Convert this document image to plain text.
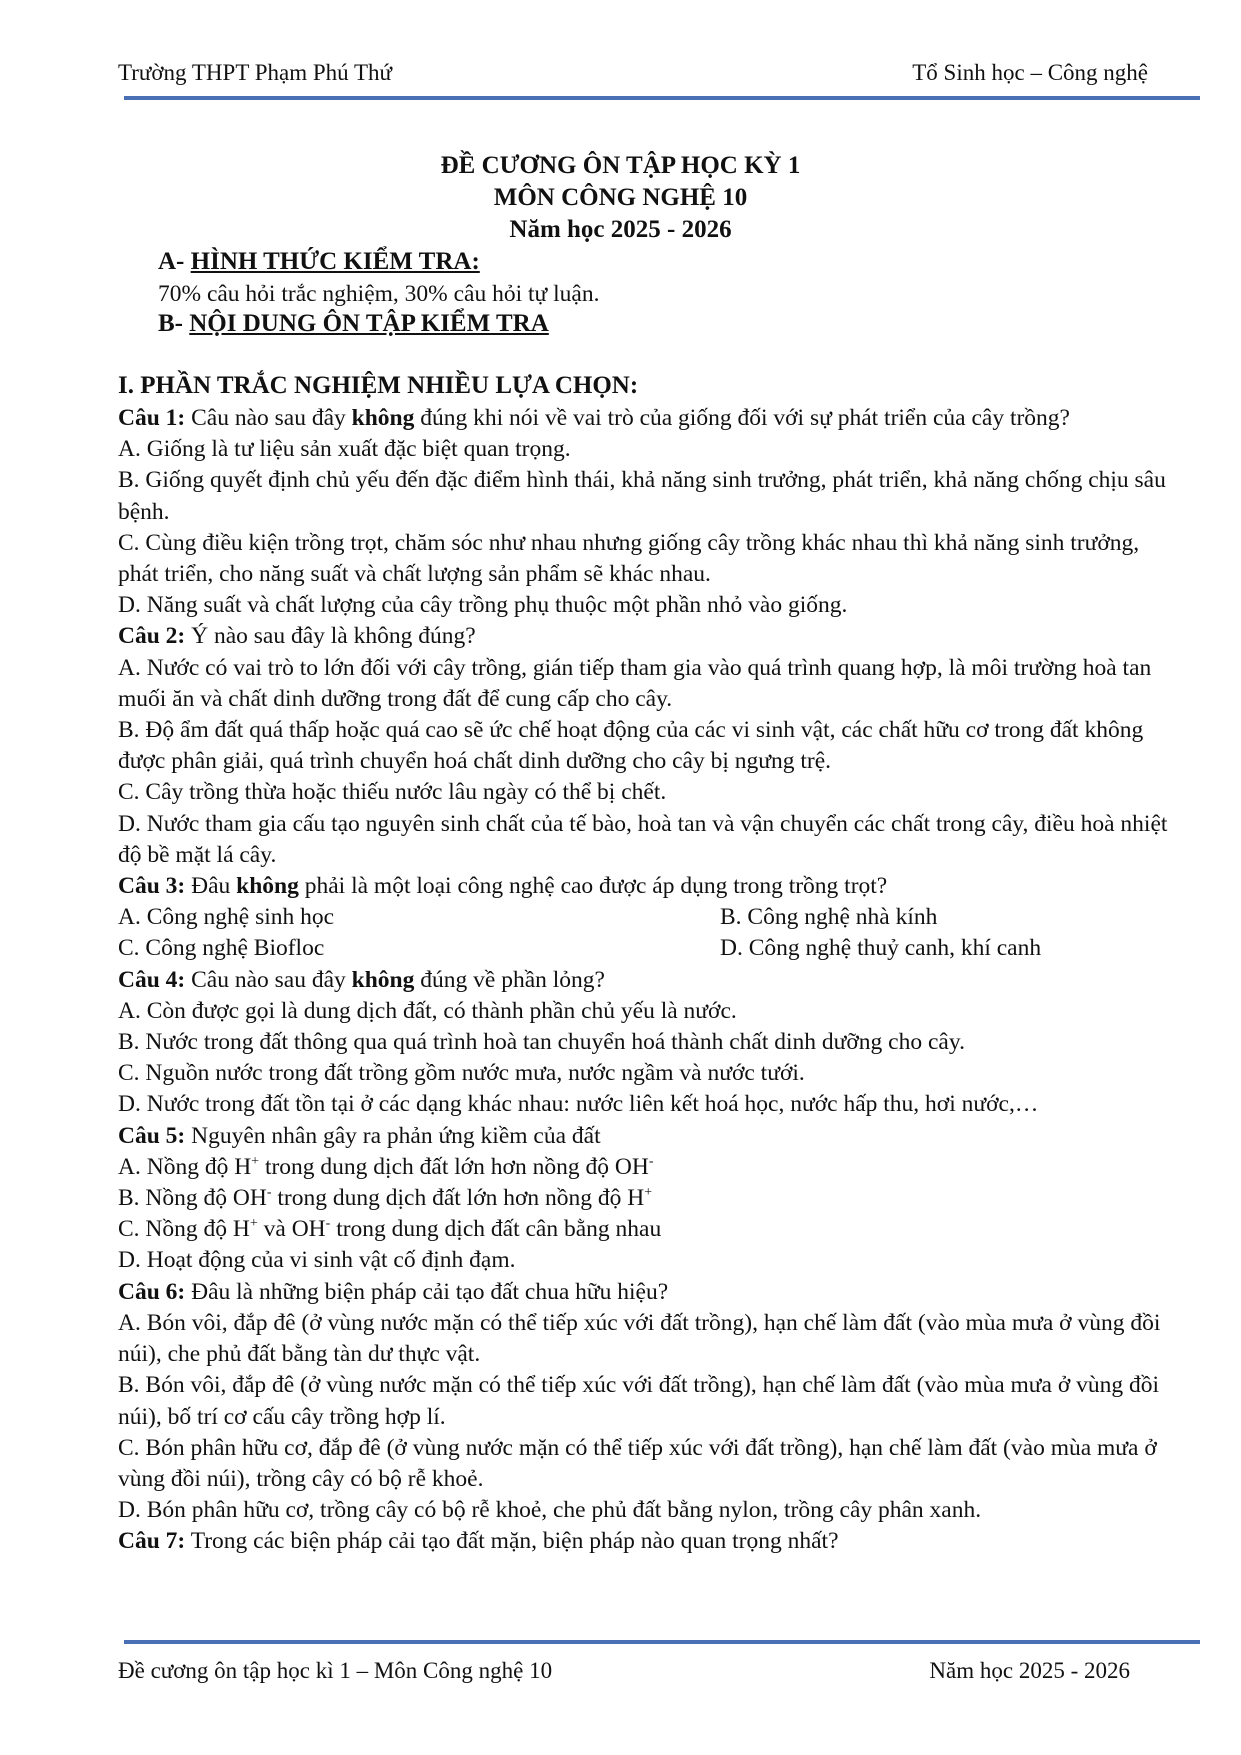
Trường THPT Phạm Phú Thứ	Tổ Sinh học – Công nghệ
ĐỀ CƯƠNG ÔN TẬP HỌC KỲ 1
MÔN CÔNG NGHỆ 10
Năm học 2025 - 2026
A- HÌNH THỨC KIỂM TRA:
70% câu hỏi trắc nghiệm, 30% câu hỏi tự luận.
B- NỘI DUNG ÔN TẬP KIỂM TRA
I. PHẦN TRẮC NGHIỆM NHIỀU LỰA CHỌN:

Câu 1: Câu nào sau đây không đúng khi nói về vai trò của giống đối với sự phát triển của cây trồng?

A. Giống là tư liệu sản xuất đặc biệt quan trọng.

B. Giống quyết định chủ yếu đến đặc điểm hình thái, khả năng sinh trưởng, phát triển, khả năng chống chịu sâu bệnh.

C. Cùng điều kiện trồng trọt, chăm sóc như nhau nhưng giống cây trồng khác nhau thì khả năng sinh trưởng, phát triển, cho năng suất và chất lượng sản phẩm sẽ khác nhau.

D. Năng suất và chất lượng của cây trồng phụ thuộc một phần nhỏ vào giống.

Câu 2: Ý nào sau đây là không đúng?

A. Nước có vai trò to lớn đối với cây trồng, gián tiếp tham gia vào quá trình quang hợp, là môi trường hoà tan muối ăn và chất dinh dưỡng trong đất để cung cấp cho cây.

B. Độ ẩm đất quá thấp hoặc quá cao sẽ ức chế hoạt động của các vi sinh vật, các chất hữu cơ trong đất không được phân giải, quá trình chuyển hoá chất dinh dưỡng cho cây bị ngưng trệ.

C. Cây trồng thừa hoặc thiếu nước lâu ngày có thể bị chết.

D. Nước tham gia cấu tạo nguyên sinh chất của tế bào, hoà tan và vận chuyển các chất trong cây, điều hoà nhiệt độ bề mặt lá cây.

Câu 3: Đâu không phải là một loại công nghệ cao được áp dụng trong trồng trọt?

A. Công nghệ sinh học	B. Công nghệ nhà kính
C. Công nghệ Biofloc	D. Công nghệ thuỷ canh, khí canh

Câu 4: Câu nào sau đây không đúng về phần lỏng?

A. Còn được gọi là dung dịch đất, có thành phần chủ yếu là nước.

B. Nước trong đất thông qua quá trình hoà tan chuyển hoá thành chất dinh dưỡng cho cây.

C. Nguồn nước trong đất trồng gồm nước mưa, nước ngầm và nước tưới.

D. Nước trong đất tồn tại ở các dạng khác nhau: nước liên kết hoá học, nước hấp thu, hơi nước,…

Câu 5: Nguyên nhân gây ra phản ứng kiềm của đất

A. Nồng độ H+ trong dung dịch đất lớn hơn nồng độ OH-

B. Nồng độ OH- trong dung dịch đất lớn hơn nồng độ H+

C. Nồng độ H+ và OH- trong dung dịch đất cân bằng nhau

D. Hoạt động của vi sinh vật cố định đạm.

Câu 6: Đâu là những biện pháp cải tạo đất chua hữu hiệu?

A. Bón vôi, đắp đê (ở vùng nước mặn có thể tiếp xúc với đất trồng), hạn chế làm đất (vào mùa mưa ở vùng đồi núi), che phủ đất bằng tàn dư thực vật.

B. Bón vôi, đắp đê (ở vùng nước mặn có thể tiếp xúc với đất trồng), hạn chế làm đất (vào mùa mưa ở vùng đồi núi), bố trí cơ cấu cây trồng hợp lí.

C. Bón phân hữu cơ, đắp đê (ở vùng nước mặn có thể tiếp xúc với đất trồng), hạn chế làm đất (vào mùa mưa ở vùng đồi núi), trồng cây có bộ rễ khoẻ.

D. Bón phân hữu cơ, trồng cây có bộ rễ khoẻ, che phủ đất bằng nylon, trồng cây phân xanh.

Câu 7: Trong các biện pháp cải tạo đất mặn, biện pháp nào quan trọng nhất?

Đề cương ôn tập học kì 1 – Môn Công nghệ 10	Năm học 2025 - 2026
